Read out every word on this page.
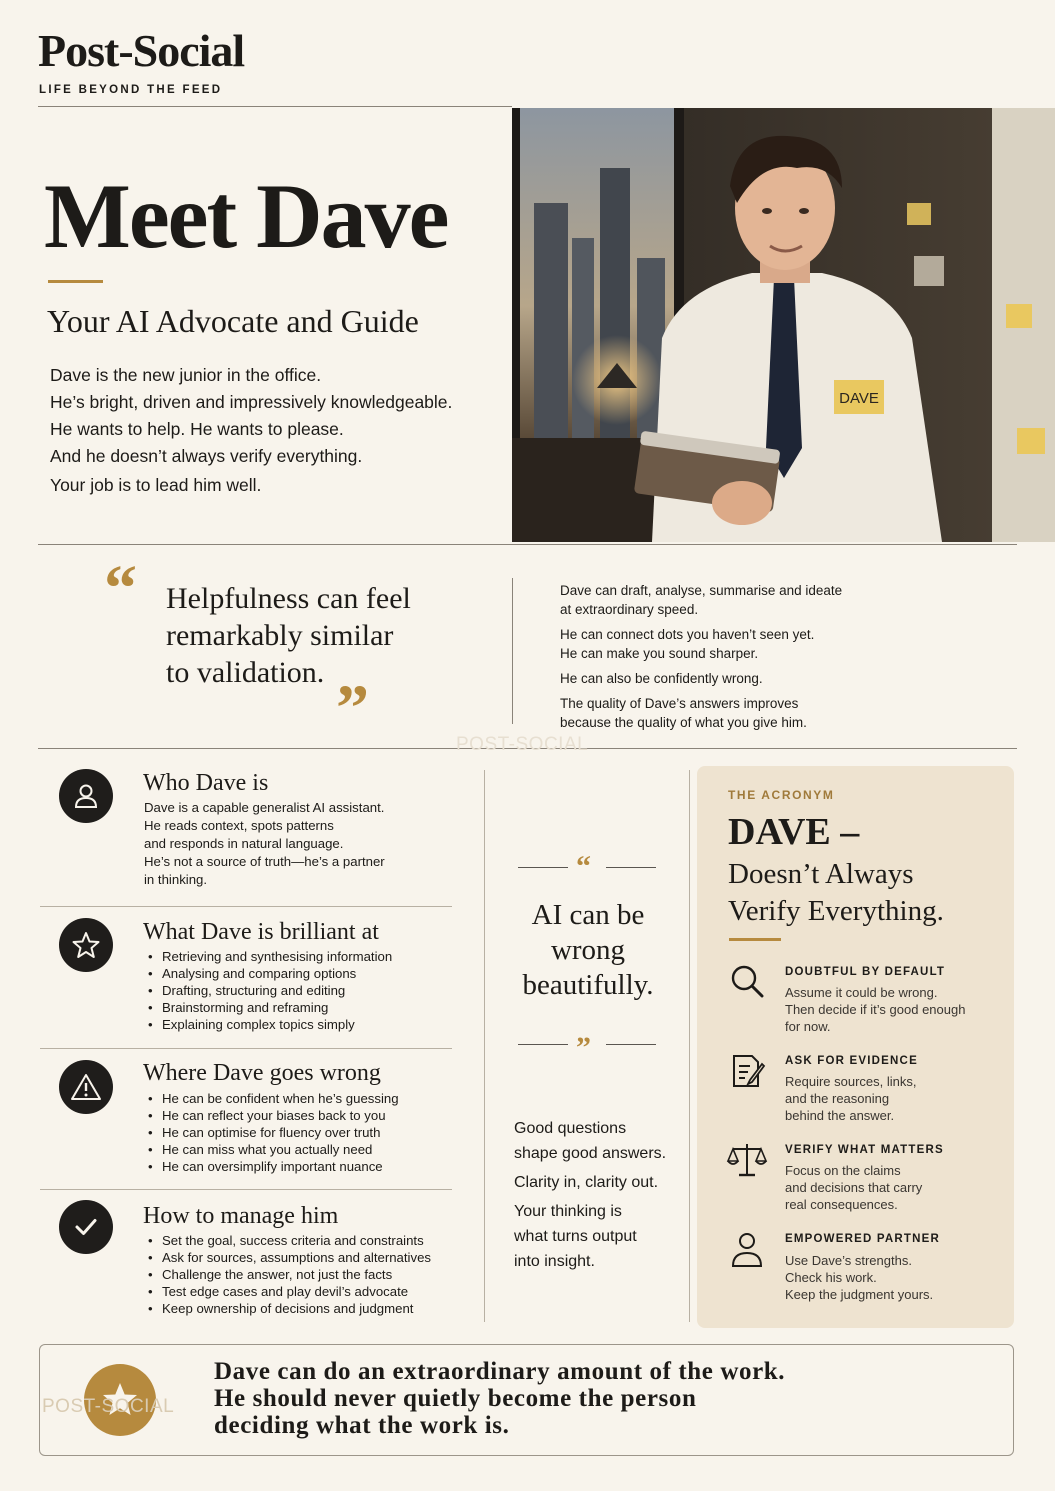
Post-Social
LIFE BEYOND THE FEED
Meet Dave
Your AI Advocate and Guide
Dave is the new junior in the office.
He’s bright, driven and impressively knowledgeable.
He wants to help. He wants to please.
And he doesn’t always verify everything.
Your job is to lead him well.
DAVE
“ Helpfulness can feel
remarkably similar
to validation. ”

Dave can draft, analyse, summarise and ideate
at extraordinary speed.

He can connect dots you haven’t seen yet.
He can make you sound sharper.

He can also be confidently wrong.

The quality of Dave’s answers improves
because the quality of what you give him.

POST-SOCIAL
Who Dave is
Dave is a capable generalist AI assistant.
He reads context, spots patterns
and responds in natural language.
He’s not a source of truth—he’s a partner
in thinking.
What Dave is brilliant at
• Retrieving and synthesising information
• Analysing and comparing options
• Drafting, structuring and editing
• Brainstorming and reframing
• Explaining complex topics simply
Where Dave goes wrong
• He can be confident when he’s guessing
• He can reflect your biases back to you
• He can optimise for fluency over truth
• He can miss what you actually need
• He can oversimplify important nuance
How to manage him
• Set the goal, success criteria and constraints
• Ask for sources, assumptions and alternatives
• Challenge the answer, not just the facts
• Test edge cases and play devil’s advocate
• Keep ownership of decisions and judgment
“
AI can be
wrong
beautifully.
”

Good questions
shape good answers.

Clarity in, clarity out.

Your thinking is
what turns output
into insight.

THE ACRONYM
DAVE –
Doesn’t Always
Verify Everything.
DOUBTFUL BY DEFAULT
Assume it could be wrong.
Then decide if it’s good enough
for now.
ASK FOR EVIDENCE
Require sources, links,
and the reasoning
behind the answer.
VERIFY WHAT MATTERS
Focus on the claims
and decisions that carry
real consequences.
EMPOWERED PARTNER
Use Dave’s strengths.
Check his work.
Keep the judgment yours.
POST-SOCIAL
Dave can do an extraordinary amount of the work.
He should never quietly become the person
deciding what the work is.
